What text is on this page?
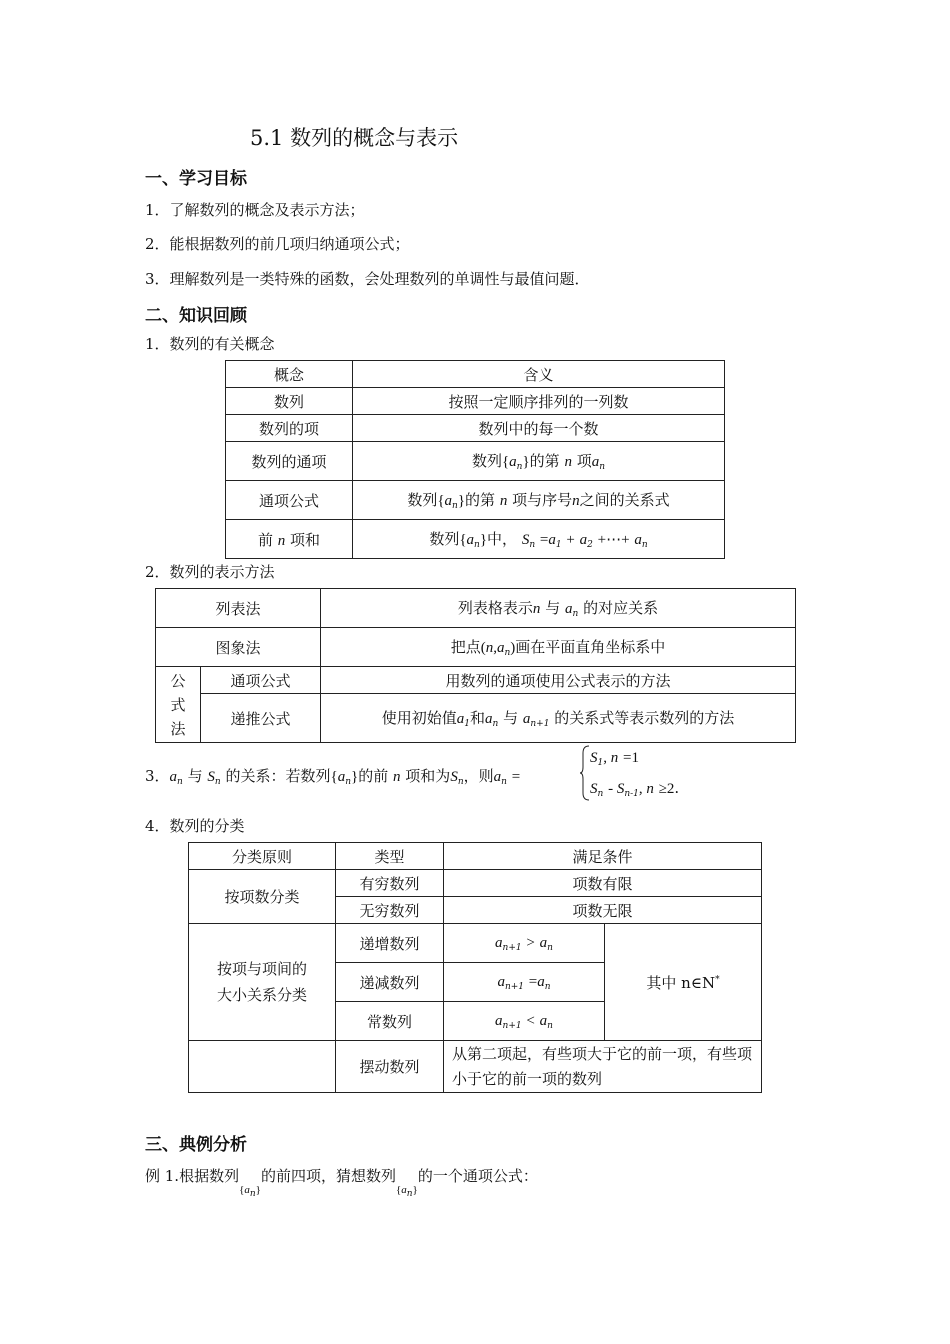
5.1 数列的概念与表示
一、学习目标
1．了解数列的概念及表示方法；
2．能根据数列的前几项归纳通项公式；
3．理解数列是一类特殊的函数，会处理数列的单调性与最值问题．
二、知识回顾
1．数列的有关概念
概念	含义
数列	按照一定顺序排列的一列数
数列的项	数列中的每一个数
数列的通项	数列$\{a_n\}$的第 n 项$a_n$
通项公式	数列$\{a_n\}$的第 n 项与序号n之间的关系式
前 n 项和	数列$\{a_n\}$中， $S_n =a_1 + a_2$ +⋯+ $a_n$
2．数列的表示方法
列表法		列表格表示n 与 $a_n$ 的对应关系
图象法		把点$(n,a_n)$画在平面直角坐标系中
公
式
法	通项公式	用数列的通项使用公式表示的方法
	递推公式	使用初始值$a_1$和$a_n$ 与 $a_{n+1}$ 的关系式等表示数列的方法
3．$a_n$ 与 $S_n$ 的关系：若数列$\{a_n\}$的前 n 项和为$S_n$，则$a_n$ =
$S_1$, n =1
$S_n - S_{n-1}$, n ≥2.
4．数列的分类
分类原则	类型	满足条件	
按项数分类	有穷数列	项数有限	
	无穷数列	项数无限	
按项与项间的
大小关系分类	递增数列	$a_{n+1} > a_n$	其中 n∈N*
	递减数列	$a_{n+1} =a_n$
	常数列	$a_{n+1} < a_n$
	摆动数列	从第二项起，有些项大于它的前一项，有些项小于它的前一项的数列	
三、典例分析
例 1.根据数列$_{\{a_n\}}$的前四项，猜想数列$_{\{a_n\}}$的一个通项公式：
